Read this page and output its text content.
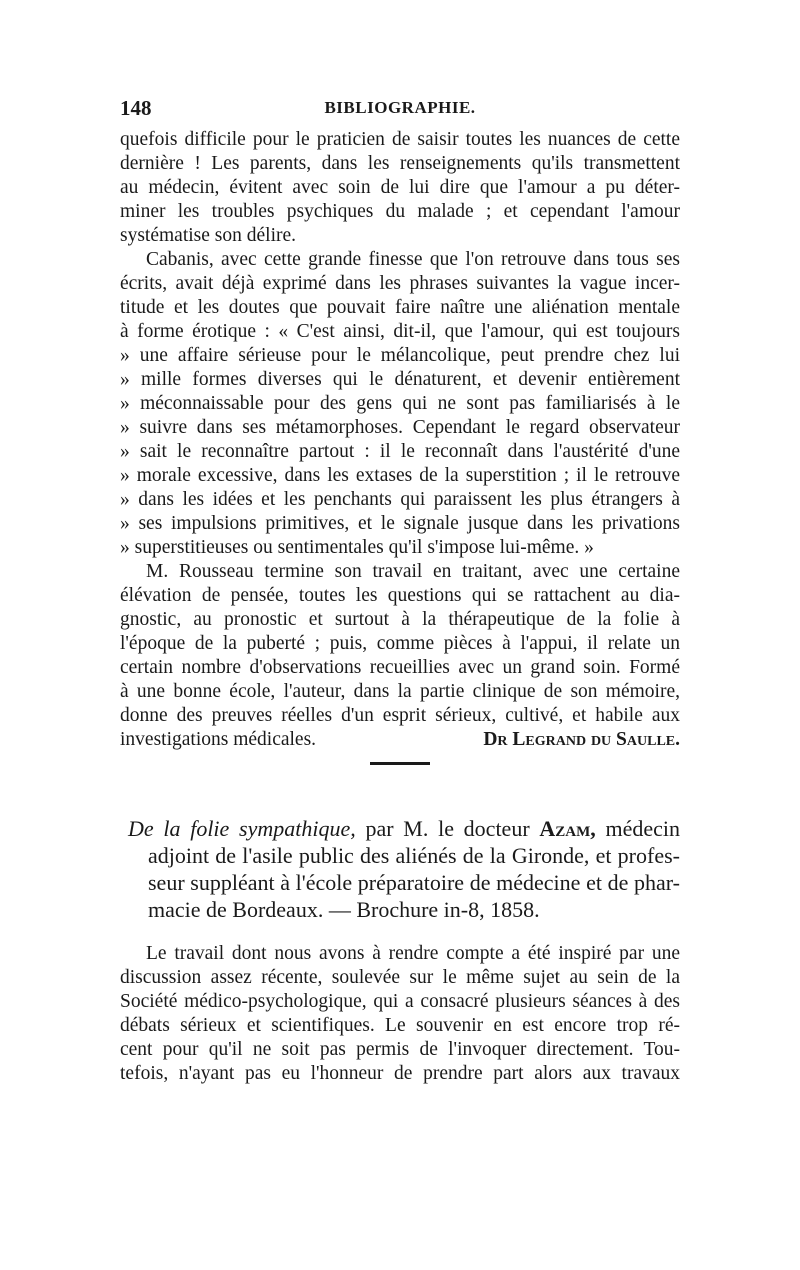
148	BIBLIOGRAPHIE.
quefois difficile pour le praticien de saisir toutes les nuances de cette
dernière ! Les parents, dans les renseignements qu'ils transmettent
au médecin, évitent avec soin de lui dire que l'amour a pu déter-
miner les troubles psychiques du malade ; et cependant l'amour
systématise son délire.
Cabanis, avec cette grande finesse que l'on retrouve dans tous ses
écrits, avait déjà exprimé dans les phrases suivantes la vague incer-
titude et les doutes que pouvait faire naître une aliénation mentale
à forme érotique : « C'est ainsi, dit-il, que l'amour, qui est toujours
» une affaire sérieuse pour le mélancolique, peut prendre chez lui
» mille formes diverses qui le dénaturent, et devenir entièrement
» méconnaissable pour des gens qui ne sont pas familiarisés à le
» suivre dans ses métamorphoses. Cependant le regard observateur
» sait le reconnaître partout : il le reconnaît dans l'austérité d'une
» morale excessive, dans les extases de la superstition ; il le retrouve
» dans les idées et les penchants qui paraissent les plus étrangers à
» ses impulsions primitives, et le signale jusque dans les privations
» superstitieuses ou sentimentales qu'il s'impose lui-même. »
M. Rousseau termine son travail en traitant, avec une certaine
élévation de pensée, toutes les questions qui se rattachent au dia-
gnostic, au pronostic et surtout à la thérapeutique de la folie à
l'époque de la puberté ; puis, comme pièces à l'appui, il relate un
certain nombre d'observations recueillies avec un grand soin. Formé
à une bonne école, l'auteur, dans la partie clinique de son mémoire,
donne des preuves réelles d'un esprit sérieux, cultivé, et habile aux
investigations médicales.	Dr Legrand du Saulle.
De la folie sympathique, par M. le docteur Azam, médecin
adjoint de l'asile public des aliénés de la Gironde, et profes-
seur suppléant à l'école préparatoire de médecine et de phar-
macie de Bordeaux. — Brochure in-8, 1858.
Le travail dont nous avons à rendre compte a été inspiré par une
discussion assez récente, soulevée sur le même sujet au sein de la
Société médico-psychologique, qui a consacré plusieurs séances à des
débats sérieux et scientifiques. Le souvenir en est encore trop ré-
cent pour qu'il ne soit pas permis de l'invoquer directement. Tou-
tefois, n'ayant pas eu l'honneur de prendre part alors aux travaux
